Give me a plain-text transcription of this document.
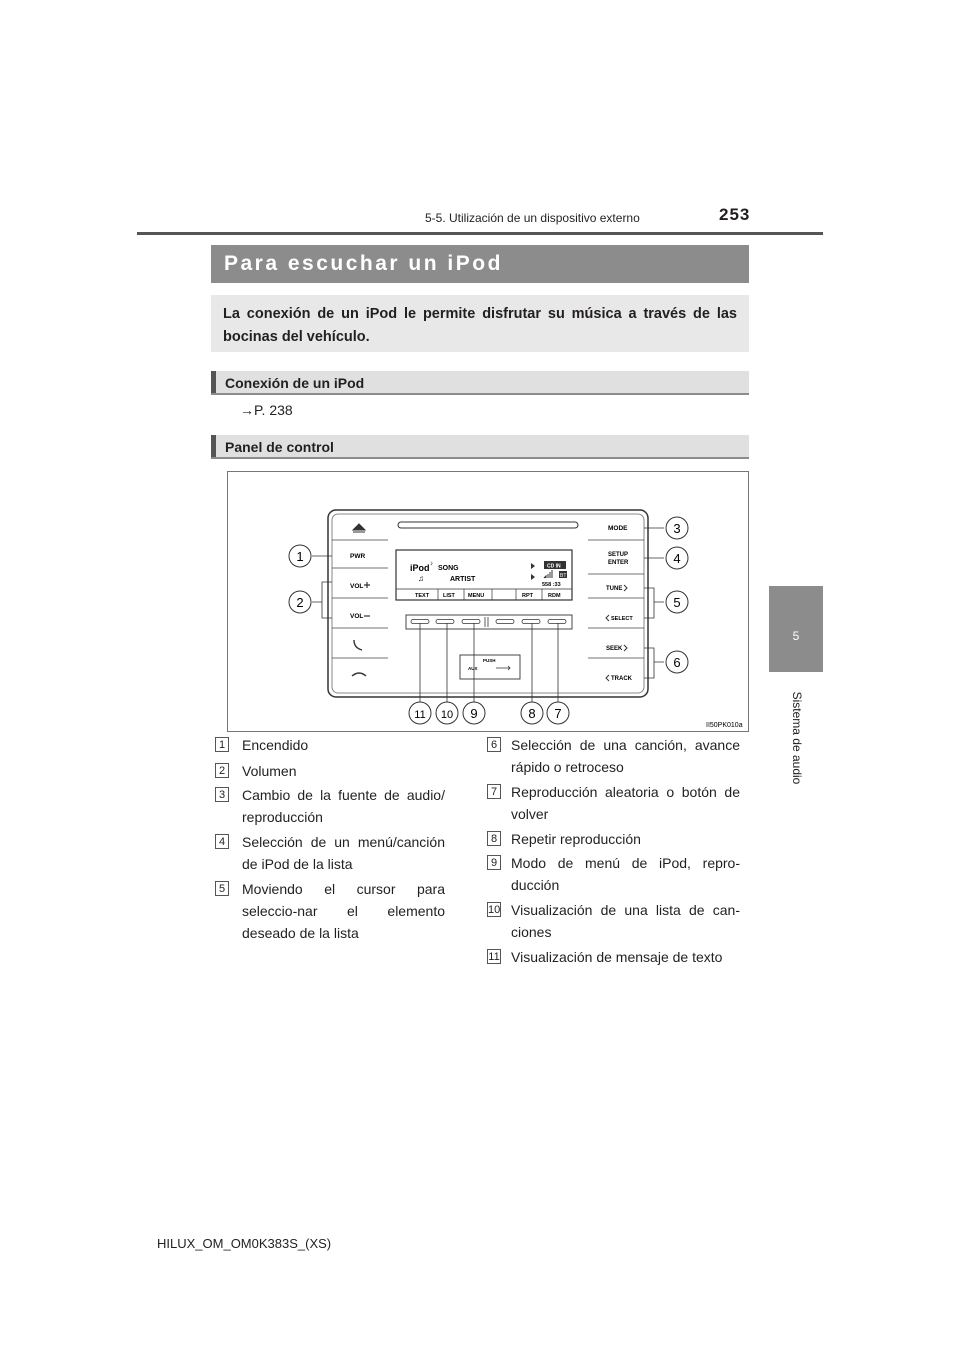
5-5. Utilización de un dispositivo externo	253
5
Sistema de audio
Para escuchar un iPod
La conexión de un iPod le permite disfrutar su música a través de las bocinas del vehículo.
Conexión de un iPod
→P. 238
Panel de control
PWR
VOL
VOL
MODE
SETUP
ENTER
TUNE
SELECT
SEEK
TRACK
iPod ♪
SONG
♫	ARTIST
CD IN
BT
558 :33
TEXT	LIST MENU	RPT	RDM
PUSH
AUX
1
2
3
4
5
6
7
8
9
10
11
II50PK010a
1 Encendido
2 Volumen
3 Cambio de la fuente de audio/ reproducción
4 Selección de un menú/canción de iPod de la lista
5 Moviendo el cursor para seleccio-nar el elemento deseado de la lista
6 Selección de una canción, avance rápido o retroceso
7 Reproducción aleatoria o botón de volver
8 Repetir reproducción
9 Modo de menú de iPod, repro-ducción
10 Visualización de una lista de can-ciones
11 Visualización de mensaje de texto
HILUX_OM_OM0K383S_(XS)
